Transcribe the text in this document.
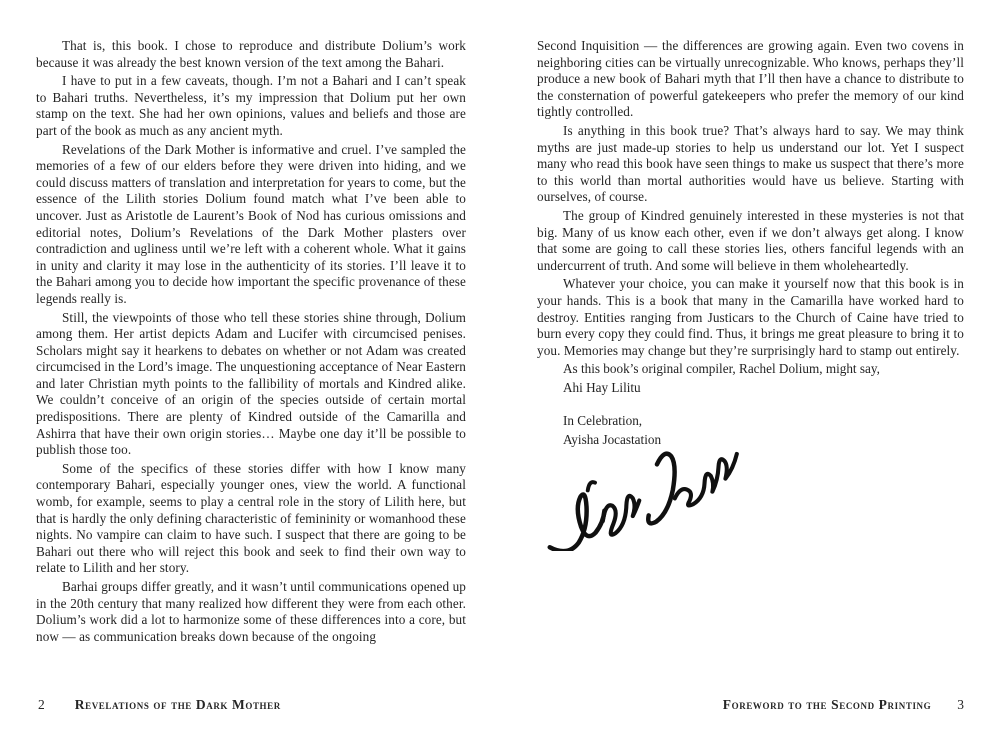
That is, this book. I chose to reproduce and distribute Dolium’s work because it was already the best known version of the text among the Bahari.

I have to put in a few caveats, though. I’m not a Bahari and I can’t speak to Bahari truths. Nevertheless, it’s my impression that Dolium put her own stamp on the text. She had her own opinions, values and beliefs and those are part of the book as much as any ancient myth.

Revelations of the Dark Mother is informative and cruel. I’ve sampled the memories of a few of our elders before they were driven into hiding, and we could discuss matters of translation and interpretation for years to come, but the essence of the Lilith stories Dolium found match what I’ve been able to uncover. Just as Aristotle de Laurent’s Book of Nod has curious omissions and editorial notes, Dolium’s Revelations of the Dark Mother plasters over contradiction and ugliness until we’re left with a coherent whole. What it gains in unity and clarity it may lose in the authenticity of its stories. I’ll leave it to the Bahari among you to decide how important the specific provenance of these legends really is.

Still, the viewpoints of those who tell these stories shine through, Dolium among them. Her artist depicts Adam and Lucifer with circumcised penises. Scholars might say it hearkens to debates on whether or not Adam was created circumcised in the Lord’s image. The unquestioning acceptance of Near Eastern and later Christian myth points to the fallibility of mortals and Kindred alike. We couldn’t conceive of an origin of the species outside of certain mortal predispositions. There are plenty of Kindred outside of the Camarilla and Ashirra that have their own origin stories… Maybe one day it’ll be possible to publish those too.

Some of the specifics of these stories differ with how I know many contemporary Bahari, especially younger ones, view the world. A functional womb, for example, seems to play a central role in the story of Lilith here, but that is hardly the only defining characteristic of femininity or womanhood these nights. No vampire can claim to have such. I suspect that there are going to be Bahari out there who will reject this book and seek to find their own way to relate to Lilith and her story.

Barhai groups differ greatly, and it wasn’t until communications opened up in the 20th century that many realized how different they were from each other. Dolium’s work did a lot to harmonize some of these differences into a core, but now — as communication breaks down because of the ongoing

Second Inquisition — the differences are growing again. Even two covens in neighboring cities can be virtually unrecognizable. Who knows, perhaps they’ll produce a new book of Bahari myth that I’ll then have a chance to distribute to the consternation of powerful gatekeepers who prefer the memory of our kind tightly controlled.

Is anything in this book true? That’s always hard to say. We may think myths are just made-up stories to help us understand our lot. Yet I suspect many who read this book have seen things to make us suspect that there’s more to this world than mortal authorities would have us believe. Starting with ourselves, of course.

The group of Kindred genuinely interested in these mysteries is not that big. Many of us know each other, even if we don’t always get along. I know that some are going to call these stories lies, others fanciful legends with an undercurrent of truth. And some will believe in them wholeheartedly.

Whatever your choice, you can make it yourself now that this book is in your hands. This is a book that many in the Camarilla have worked hard to destroy. Entities ranging from Justicars to the Church of Caine have tried to burn every copy they could find. Thus, it brings me great pleasure to bring it to you. Memories may change but they’re surprisingly hard to stamp out entirely.

As this book’s original compiler, Rachel Dolium, might say,
Ahi Hay Lilitu
In Celebration,
Ayisha Jocastation
2 Revelations of the Dark Mother	Foreword to the Second Printing 3
